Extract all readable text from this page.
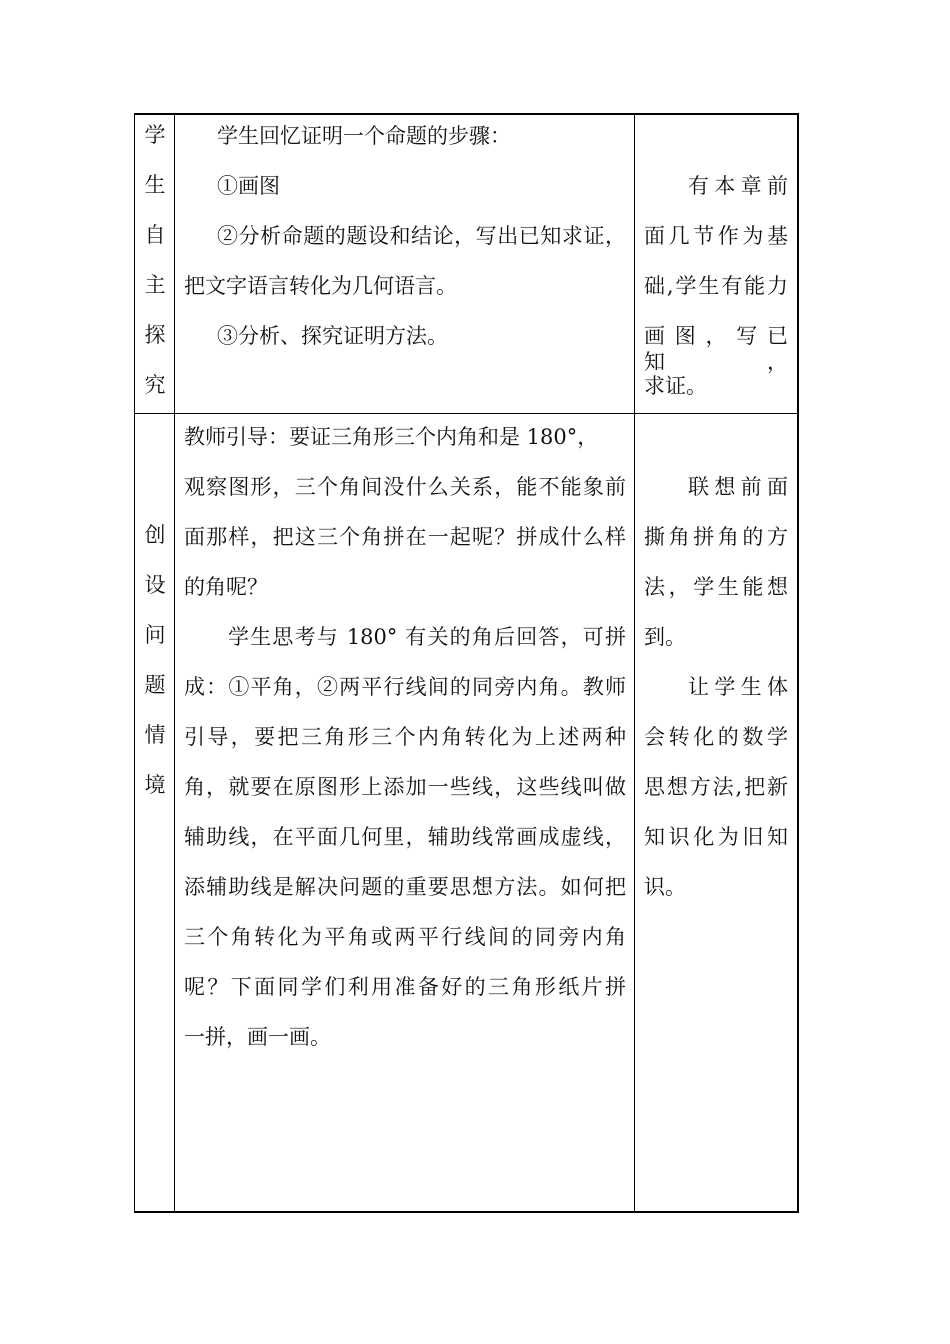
学
生
自
主
探
究
学生回忆证明一个命题的步骤：
①画图
②分析命题的题设和结论，写出已知求证，
把文字语言转化为几何语言。
③分析、探究证明方法。
有本章前
面几节作为基
础,学生有能力
画图，写已知，
求证。
创
设
问
题
情
境
教师引导：要证三角形三个内角和是 180°，
观察图形，三个角间没什么关系，能不能象前
面那样，把这三个角拼在一起呢？拼成什么样
的角呢？
学生思考与 180° 有关的角后回答，可拼
成：①平角，②两平行线间的同旁内角。教师
引导，要把三角形三个内角转化为上述两种
角，就要在原图形上添加一些线，这些线叫做
辅助线，在平面几何里，辅助线常画成虚线，
添辅助线是解决问题的重要思想方法。如何把
三个角转化为平角或两平行线间的同旁内角
呢？下面同学们利用准备好的三角形纸片拼
一拼，画一画。
联想前面
撕角拼角的方
法，学生能想
到。
让学生体
会转化的数学
思想方法,把新
知识化为旧知
识。
